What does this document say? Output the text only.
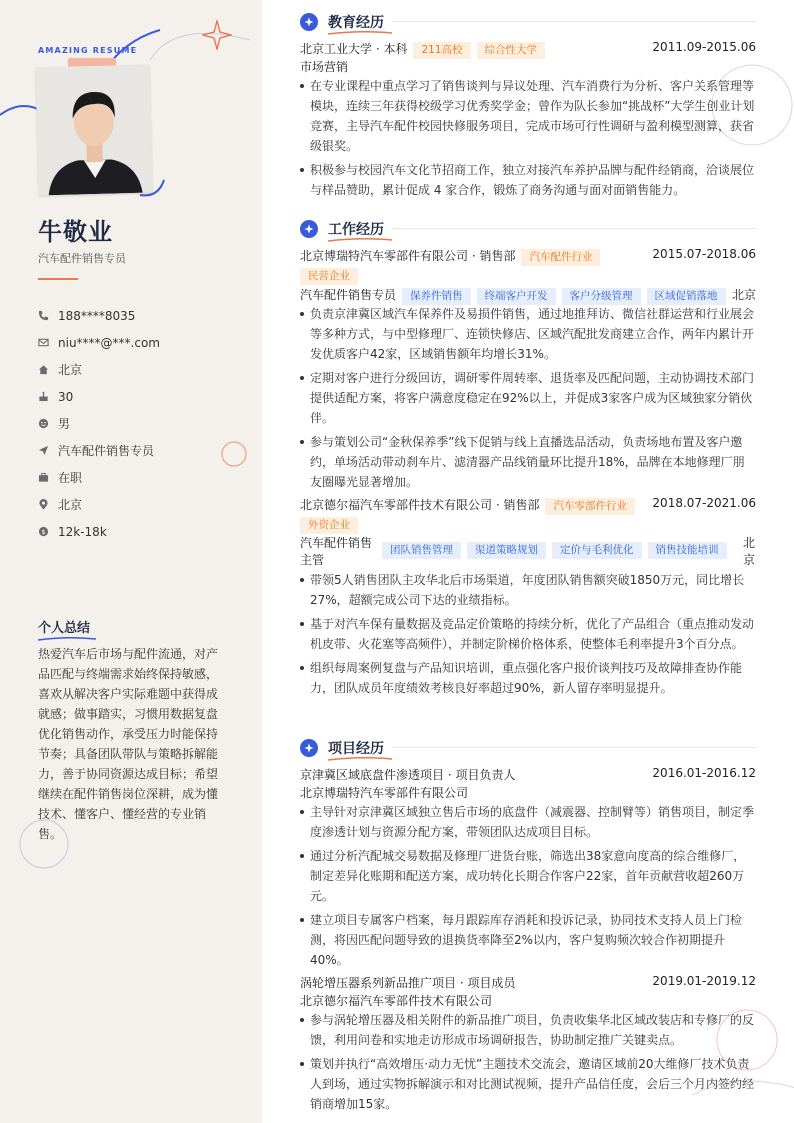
AMAZING RESUME
牛敬业
汽车配件销售专员
188****8035
niu****@***.com
北京
30
男
汽车配件销售专员
在职
北京
$ 12k-18k
个人总结
热爱汽车后市场与配件流通，对产品匹配与终端需求始终保持敏感，喜欢从解决客户实际难题中获得成就感；做事踏实，习惯用数据复盘优化销售动作，承受压力时能保持节奏；具备团队带队与策略拆解能力，善于协同资源达成目标；希望继续在配件销售岗位深耕，成为懂技术、懂客户、懂经营的专业销售。
教育经历
北京工业大学 · 本科 211高校 综合性大学	2011.09-2015.06
市场营销
在专业课程中重点学习了销售谈判与异议处理、汽车消费行为分析、客户关系管理等模块，连续三年获得校级学习优秀奖学金；曾作为队长参加“挑战杯”大学生创业计划竞赛，主导汽车配件校园快修服务项目，完成市场可行性调研与盈利模型测算，获省级银奖。
积极参与校园汽车文化节招商工作，独立对接汽车养护品牌与配件经销商，洽谈展位与样品赞助，累计促成 4 家合作，锻炼了商务沟通与面对面销售能力。
工作经历
北京博瑞特汽车零部件有限公司 · 销售部 汽车配件行业	2015.07-2018.06
民营企业
汽车配件销售专员 保养件销售 终端客户开发 客户分级管理 区域促销落地 北京
负责京津冀区域汽车保养件及易损件销售，通过地推拜访、微信社群运营和行业展会等多种方式，与中型修理厂、连锁快修店、区域汽配批发商建立合作，两年内累计开发优质客户42家，区域销售额年均增长31%。
定期对客户进行分级回访，调研零件周转率、退货率及匹配问题，主动协调技术部门提供适配方案，将客户满意度稳定在92%以上，并促成3家客户成为区域独家分销伙伴。
参与策划公司“金秋保养季”线下促销与线上直播选品活动，负责场地布置及客户邀约，单场活动带动刹车片、滤清器产品线销量环比提升18%，品牌在本地修理厂朋友圈曝光显著增加。
北京德尔福汽车零部件技术有限公司 · 销售部 汽车零部件行业 2018.07-2021.06
外资企业
汽车配件销售主管团队销售管理 渠道策略规划 定价与毛利优化 销售技能培训 北京
带领5人销售团队主攻华北后市场渠道，年度团队销售额突破1850万元，同比增长27%，超额完成公司下达的业绩指标。
基于对汽车保有量数据及竞品定价策略的持续分析，优化了产品组合（重点推动发动机皮带、火花塞等高频件），并制定阶梯价格体系，使整体毛利率提升3个百分点。
组织每周案例复盘与产品知识培训，重点强化客户报价谈判技巧及故障排查协作能力，团队成员年度绩效考核良好率超过90%，新人留存率明显提升。
项目经历
京津冀区域底盘件渗透项目 · 项目负责人	2016.01-2016.12
北京博瑞特汽车零部件有限公司
主导针对京津冀区域独立售后市场的底盘件（减震器、控制臂等）销售项目，制定季度渗透计划与资源分配方案，带领团队达成项目目标。
通过分析汽配城交易数据及修理厂进货台账，筛选出38家意向度高的综合维修厂，制定差异化账期和配送方案，成功转化长期合作客户22家，首年贡献营收超260万元。
建立项目专属客户档案，每月跟踪库存消耗和投诉记录，协同技术支持人员上门检测，将因匹配问题导致的退换货率降至2%以内，客户复购频次较合作初期提升40%。
涡轮增压器系列新品推广项目 · 项目成员	2019.01-2019.12
北京德尔福汽车零部件技术有限公司
参与涡轮增压器及相关附件的新品推广项目，负责收集华北区域改装店和专修厂的反馈，利用问卷和实地走访形成市场调研报告，协助制定推广关键卖点。
策划并执行“高效增压·动力无忧”主题技术交流会，邀请区域前20大维修厂技术负责人到场，通过实物拆解演示和对比测试视频，提升产品信任度，会后三个月内签约经销商增加15家。
